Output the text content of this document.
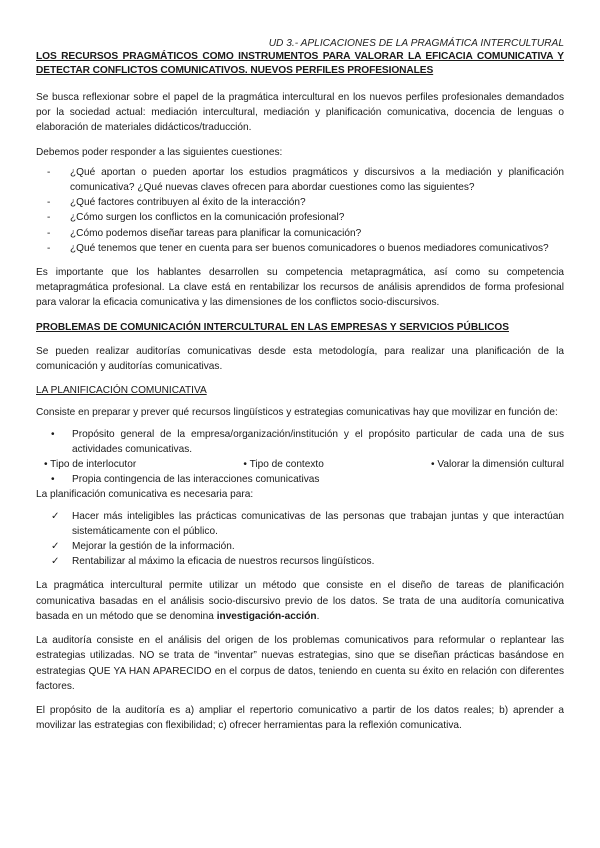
UD 3.- APLICACIONES DE LA PRAGMÁTICA INTERCULTURAL

LOS RECURSOS PRAGMÁTICOS COMO INSTRUMENTOS PARA VALORAR LA EFICACIA COMUNICATIVA Y DETECTAR CONFLICTOS COMUNICATIVOS. NUEVOS PERFILES PROFESIONALES

Se busca reflexionar sobre el papel de la pragmática intercultural en los nuevos perfiles profesionales demandados por la sociedad actual: mediación intercultural, mediación y planificación comunicativa, docencia de lenguas o elaboración de materiales didácticos/traducción.

Debemos poder responder a las siguientes cuestiones:

- ¿Qué aportan o pueden aportar los estudios pragmáticos y discursivos a la mediación y planificación comunicativa? ¿Qué nuevas claves ofrecen para abordar cuestiones como las siguientes?
- ¿Qué factores contribuyen al éxito de la interacción?
- ¿Cómo surgen los conflictos en la comunicación profesional?
- ¿Cómo podemos diseñar tareas para planificar la comunicación?
- ¿Qué tenemos que tener en cuenta para ser buenos comunicadores o buenos mediadores comunicativos?

Es importante que los hablantes desarrollen su competencia metapragmática, así como su competencia metapragmática profesional. La clave está en rentabilizar los recursos de análisis aprendidos de forma profesional para valorar la eficacia comunicativa y las dimensiones de los conflictos socio-discursivos.

PROBLEMAS DE COMUNICACIÓN INTERCULTURAL EN LAS EMPRESAS Y SERVICIOS PÚBLICOS

Se pueden realizar auditorías comunicativas desde esta metodología, para realizar una planificación de la comunicación y auditorías comunicativas.

LA PLANIFICACIÓN COMUNICATIVA

Consiste en preparar y prever qué recursos lingüísticos y estrategias comunicativas hay que movilizar en función de:

• Propósito general de la empresa/organización/institución y el propósito particular de cada una de sus actividades comunicativas.
• Tipo de interlocutor	• Tipo de contexto	• Valorar la dimensión cultural
• Propia contingencia de las interacciones comunicativas

La planificación comunicativa es necesaria para:

✓ Hacer más inteligibles las prácticas comunicativas de las personas que trabajan juntas y que interactúan sistemáticamente con el público.
✓ Mejorar la gestión de la información.
✓ Rentabilizar al máximo la eficacia de nuestros recursos lingüísticos.

La pragmática intercultural permite utilizar un método que consiste en el diseño de tareas de planificación comunicativa basadas en el análisis socio-discursivo previo de los datos. Se trata de una auditoría comunicativa basada en un método que se denomina investigación-acción.

La auditoría consiste en el análisis del origen de los problemas comunicativos para reformular o replantear las estrategias utilizadas. NO se trata de “inventar” nuevas estrategias, sino que se diseñan prácticas basándose en estrategias QUE YA HAN APARECIDO en el corpus de datos, teniendo en cuenta su éxito en relación con diferentes factores.

El propósito de la auditoría es a) ampliar el repertorio comunicativo a partir de los datos reales; b) aprender a movilizar las estrategias con flexibilidad; c) ofrecer herramientas para la reflexión comunicativa.
